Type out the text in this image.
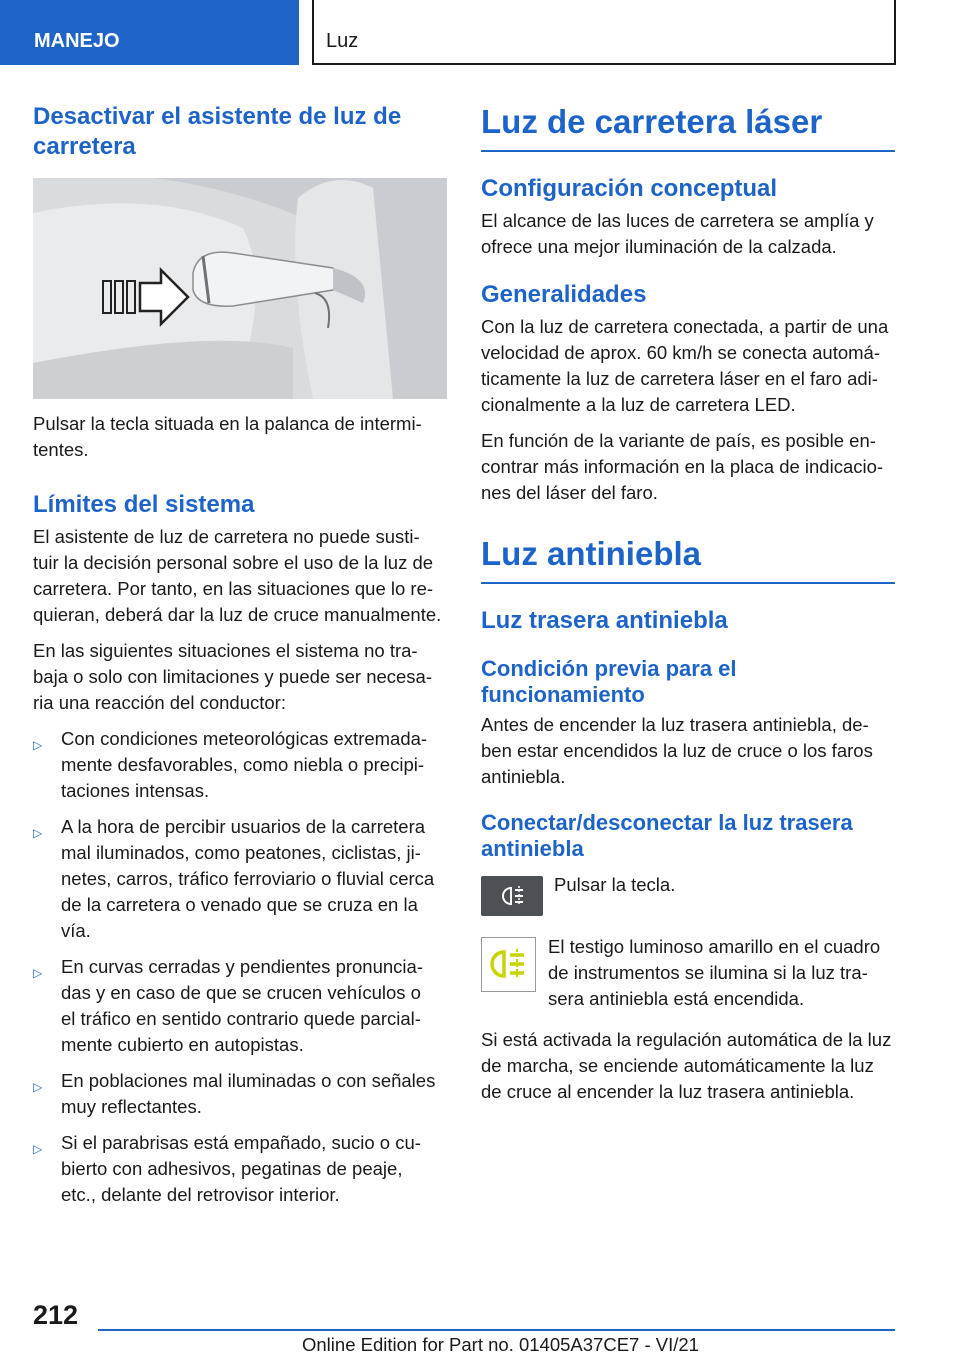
MANEJO	Luz
Desactivar el asistente de luz de carretera
Pulsar la tecla situada en la palanca de intermi-
tentes.
Límites del sistema
El asistente de luz de carretera no puede susti-
tuir la decisión personal sobre el uso de la luz de
carretera. Por tanto, en las situaciones que lo re-
quieran, deberá dar la luz de cruce manualmente.
En las siguientes situaciones el sistema no tra-
baja o solo con limitaciones y puede ser necesa-
ria una reacción del conductor:
▷ Con condiciones meteorológicas extremada-
mente desfavorables, como niebla o precipi-
taciones intensas.
▷ A la hora de percibir usuarios de la carretera
mal iluminados, como peatones, ciclistas, ji-
netes, carros, tráfico ferroviario o fluvial cerca
de la carretera o venado que se cruza en la
vía.
▷ En curvas cerradas y pendientes pronuncia-
das y en caso de que se crucen vehículos o
el tráfico en sentido contrario quede parcial-
mente cubierto en autopistas.
▷ En poblaciones mal iluminadas o con señales
muy reflectantes.
▷ Si el parabrisas está empañado, sucio o cu-
bierto con adhesivos, pegatinas de peaje,
etc., delante del retrovisor interior.
Luz de carretera láser
Configuración conceptual
El alcance de las luces de carretera se amplía y
ofrece una mejor iluminación de la calzada.
Generalidades
Con la luz de carretera conectada, a partir de una
velocidad de aprox. 60 km/h se conecta automá-
ticamente la luz de carretera láser en el faro adi-
cionalmente a la luz de carretera LED.
En función de la variante de país, es posible en-
contrar más información en la placa de indicacio-
nes del láser del faro.
Luz antiniebla
Luz trasera antiniebla
Condición previa para el
funcionamiento
Antes de encender la luz trasera antiniebla, de-
ben estar encendidos la luz de cruce o los faros
antiniebla.
Conectar/desconectar la luz trasera
antiniebla
Pulsar la tecla.
El testigo luminoso amarillo en el cuadro
de instrumentos se ilumina si la luz tra-
sera antiniebla está encendida.
Si está activada la regulación automática de la luz
de marcha, se enciende automáticamente la luz
de cruce al encender la luz trasera antiniebla.
212
Online Edition for Part no. 01405A37CE7 - VI/21
